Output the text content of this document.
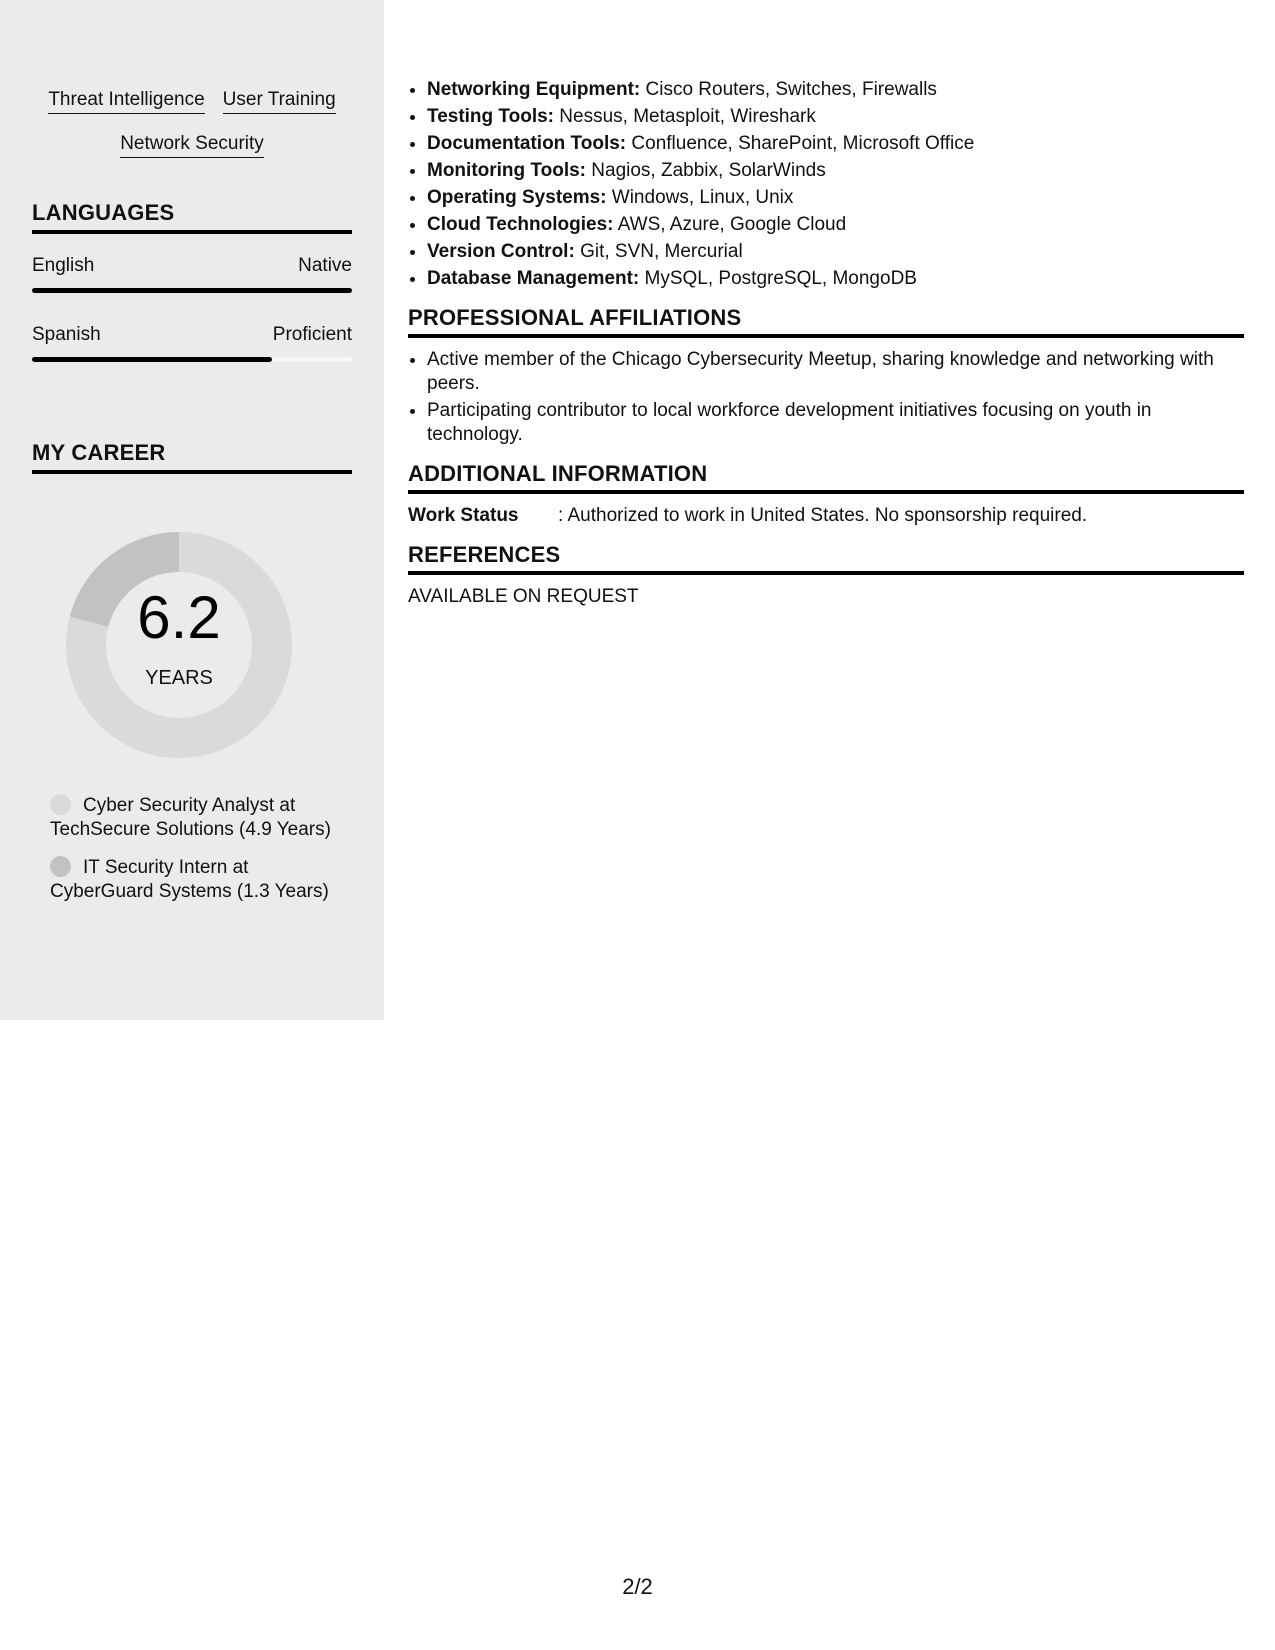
Threat Intelligence User Training
Network Security
LANGUAGES
English	Native
Spanish	Proficient
MY CAREER
6.2
YEARS
Cyber Security Analyst at TechSecure Solutions (4.9 Years)
IT Security Intern at CyberGuard Systems (1.3 Years)
• Networking Equipment: Cisco Routers, Switches, Firewalls
• Testing Tools: Nessus, Metasploit, Wireshark
• Documentation Tools: Confluence, SharePoint, Microsoft Office
• Monitoring Tools: Nagios, Zabbix, SolarWinds
• Operating Systems: Windows, Linux, Unix
• Cloud Technologies: AWS, Azure, Google Cloud
• Version Control: Git, SVN, Mercurial
• Database Management: MySQL, PostgreSQL, MongoDB
PROFESSIONAL AFFILIATIONS
• Active member of the Chicago Cybersecurity Meetup, sharing knowledge and networking with peers.
• Participating contributor to local workforce development initiatives focusing on youth in technology.
ADDITIONAL INFORMATION
Work Status	: Authorized to work in United States. No sponsorship required.
REFERENCES
AVAILABLE ON REQUEST
2/2
